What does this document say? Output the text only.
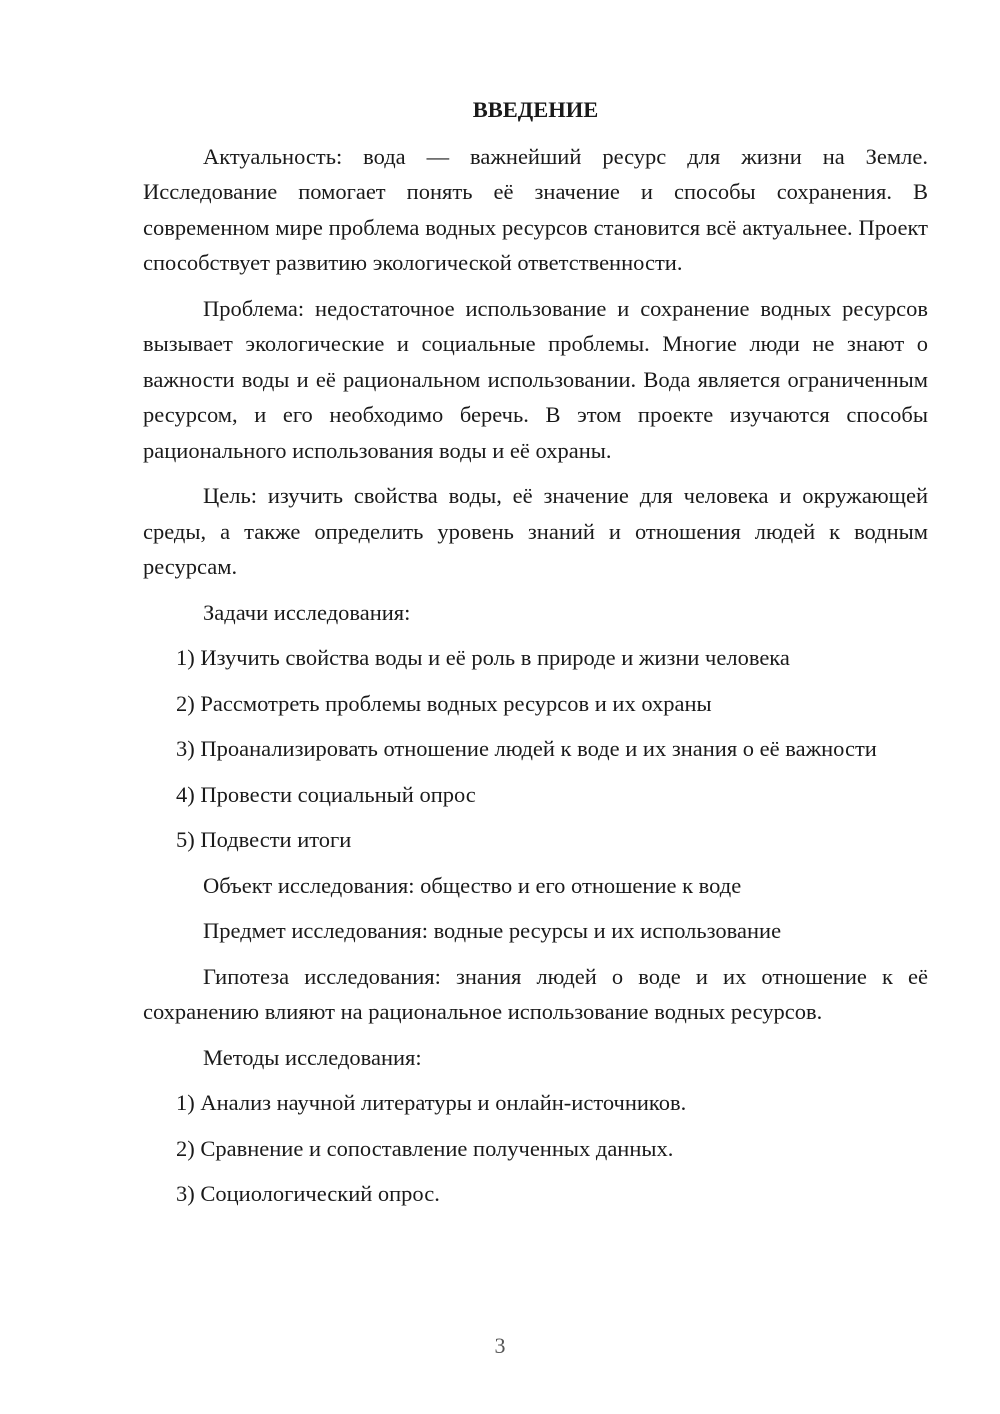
ВВЕДЕНИЕ

Актуальность: вода — важнейший ресурс для жизни на Земле. Исследование помогает понять её значение и способы сохранения. В современном мире проблема водных ресурсов становится всё актуальнее. Проект способствует развитию экологической ответственности.

Проблема: недостаточное использование и сохранение водных ресурсов вызывает экологические и социальные проблемы. Многие люди не знают о важности воды и её рациональном использовании. Вода является ограниченным ресурсом, и его необходимо беречь. В этом проекте изучаются способы рационального использования воды и её охраны.

Цель: изучить свойства воды, её значение для человека и окружающей среды, а также определить уровень знаний и отношения людей к водным ресурсам.

Задачи исследования:

1) Изучить свойства воды и её роль в природе и жизни человека

2) Рассмотреть проблемы водных ресурсов и их охраны

3) Проанализировать отношение людей к воде и их знания о её важности

4) Провести социальный опрос

5) Подвести итоги

Объект исследования: общество и его отношение к воде

Предмет исследования: водные ресурсы и их использование

Гипотеза исследования: знания людей о воде и их отношение к её сохранению влияют на рациональное использование водных ресурсов.

Методы исследования:

1) Анализ научной литературы и онлайн-источников.

2) Сравнение и сопоставление полученных данных.

3) Социологический опрос.

3
